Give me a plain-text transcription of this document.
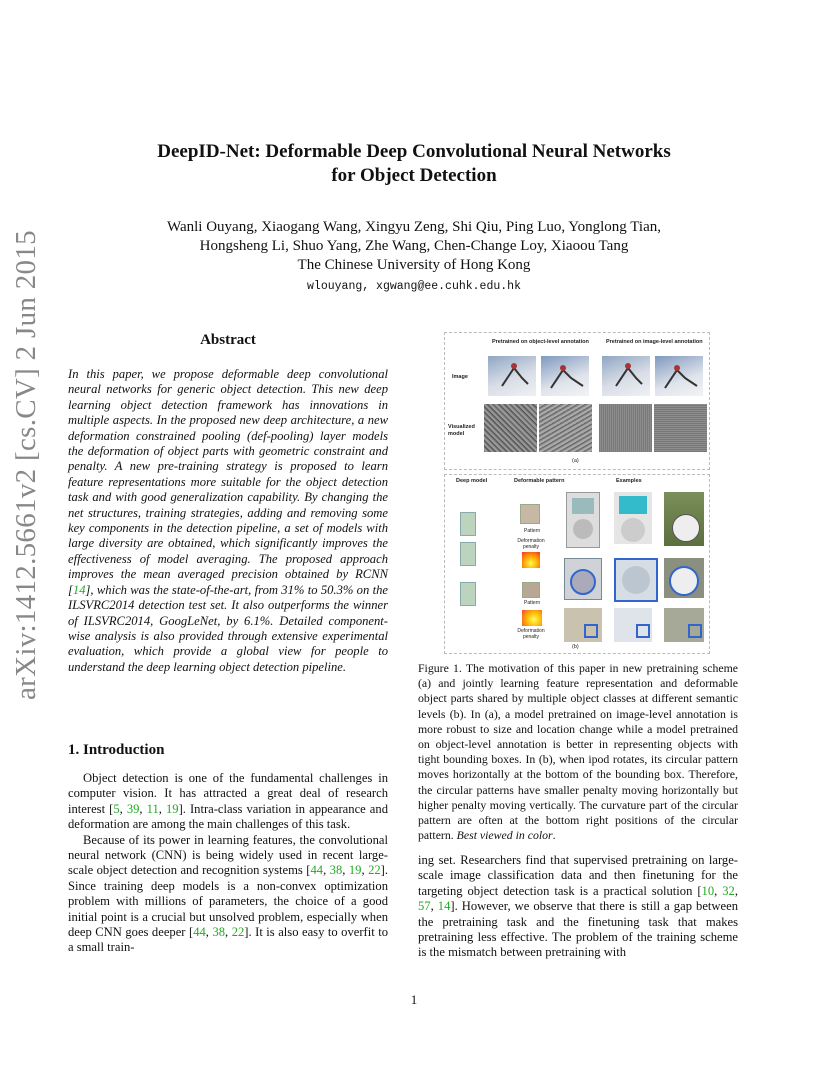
arXiv:1412.5661v2 [cs.CV] 2 Jun 2015
DeepID-Net: Deformable Deep Convolutional Neural Networks
for Object Detection
Wanli Ouyang, Xiaogang Wang, Xingyu Zeng, Shi Qiu, Ping Luo, Yonglong Tian,
Hongsheng Li, Shuo Yang, Zhe Wang, Chen-Change Loy, Xiaoou Tang
The Chinese University of Hong Kong
wlouyang, xgwang@ee.cuhk.edu.hk
Abstract
In this paper, we propose deformable deep convolutional neural networks for generic object detection. This new deep learning object detection framework has innovations in multiple aspects. In the proposed new deep architecture, a new deformation constrained pooling (def-pooling) layer models the deformation of object parts with geometric constraint and penalty. A new pre-training strategy is proposed to learn feature representations more suitable for the object detection task and with good generalization capability. By changing the net structures, training strategies, adding and removing some key components in the detection pipeline, a set of models with large diversity are obtained, which significantly improves the effectiveness of model averaging. The proposed approach improves the mean averaged precision obtained by RCNN [14], which was the state-of-the-art, from 31% to 50.3% on the ILSVRC2014 detection test set. It also outperforms the winner of ILSVRC2014, GoogLeNet, by 6.1%. Detailed component-wise analysis is also provided through extensive experimental evaluation, which provide a global view for people to understand the deep learning object detection pipeline.
1. Introduction

Object detection is one of the fundamental challenges in computer vision. It has attracted a great deal of research interest [5, 39, 11, 19]. Intra-class variation in appearance and deformation are among the main challenges of this task.

Because of its power in learning features, the convolutional neural network (CNN) is being widely used in recent large-scale object detection and recognition systems [44, 38, 19, 22]. Since training deep models is a non-convex optimization problem with millions of parameters, the choice of a good initial point is a crucial but unsolved problem, especially when deep CNN goes deeper [44, 38, 22]. It is also easy to overfit to a small train-

Pretrained on object-level annotation	Pretrained on image-level annotation
Image
Visualized model
(a)
Deep model	Deformable pattern	Examples
Pattern
Deformation penalty
Pattern
Deformation penalty
(b)
Figure 1. The motivation of this paper in new pretraining scheme (a) and jointly learning feature representation and deformable object parts shared by multiple object classes at different semantic levels (b). In (a), a model pretrained on image-level annotation is more robust to size and location change while a model pretrained on object-level annotation is better in representing objects with tight bounding boxes. In (b), when ipod rotates, its circular pattern moves horizontally at the bottom of the bounding box. Therefore, the circular patterns have smaller penalty moving horizontally but higher penalty moving vertically. The curvature part of the circular pattern are often at the bottom right positions of the circular pattern. Best viewed in color.
ing set. Researchers find that supervised pretraining on large-scale image classification data and then finetuning for the targeting object detection task is a practical solution [10, 32, 57, 14]. However, we observe that there is still a gap between the pretraining task and the finetuning task that makes pretraining less effective. The problem of the training scheme is the mismatch between pretraining with
1
